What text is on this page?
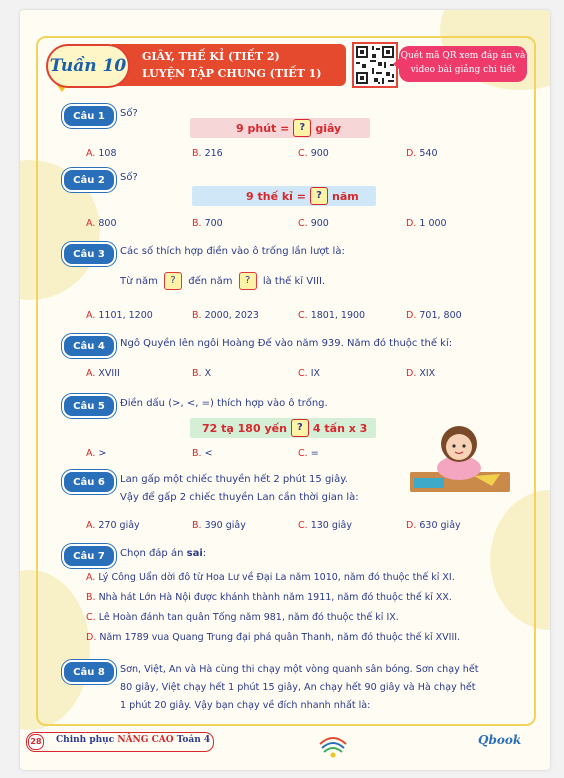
GIÂY, THẾ KỈ (TIẾT 2)
LUYỆN TẬP CHUNG (TIẾT 1)
Tuần 10	Quét mã QR xem đáp án và
video bài giảng chi tiết
Câu 1	Số?
9 phút =	? giây
A. 108	B. 216	C. 900	D. 540
Câu 2	Số?
9 thế kỉ =	? năm
A. 800	B. 700	C. 900	D. 1 000
Câu 3	Các số thích hợp điền vào ô trống lần lượt là:
Từ năm ? đến năm ? là thế kỉ VIII.
A. 1101, 1200	B. 2000, 2023	C. 1801, 1900	D. 701, 800
Câu 4	Ngô Quyền lên ngôi Hoàng Đế vào năm 939. Năm đó thuộc thế kỉ:
A. XVIII	B. X	C. IX	D. XIX
Câu 5	Điền dấu (>, <, =) thích hợp vào ô trống.
72 tạ 180 yến	? 4 tấn x 3
A. >	B. <	C. =
Câu 6	Lan gấp một chiếc thuyền hết 2 phút 15 giây.
Vậy để gấp 2 chiếc thuyền Lan cần thời gian là:
A. 270 giây	B. 390 giây	C. 130 giây	D. 630 giây
Câu 7	Chọn đáp án sai:
A. Lý Công Uẩn dời đô từ Hoa Lư về Đại La năm 1010, năm đó thuộc thế kỉ XI.
B. Nhà hát Lớn Hà Nội được khánh thành năm 1911, năm đó thuộc thế kỉ XX.
C. Lê Hoàn đánh tan quân Tống năm 981, năm đó thuộc thế kỉ IX.
D. Năm 1789 vua Quang Trung đại phá quân Thanh, năm đó thuộc thế kỉ XVIII.
Câu 8	Sơn, Việt, An và Hà cùng thi chạy một vòng quanh sân bóng. Sơn chạy hết
80 giây, Việt chạy hết 1 phút 15 giây, An chạy hết 90 giây và Hà chạy hết
1 phút 20 giây. Vậy bạn chạy về đích nhanh nhất là:
28 Chinh phục NÂNG CAO Toán 4	Qbook
